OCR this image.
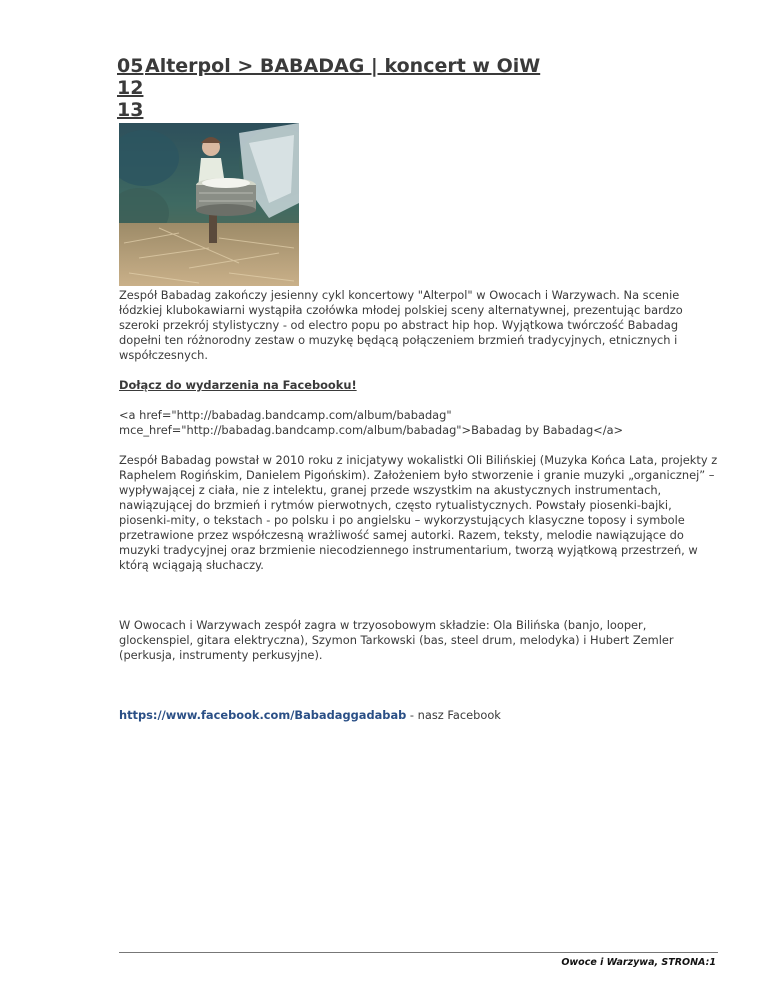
05
12
13
Alterpol > BABADAG | koncert w OiW

Zespół Babadag zakończy jesienny cykl koncertowy "Alterpol" w Owocach i Warzywach. Na scenie łódzkiej klubokawiarni wystąpiła czołówka młodej polskiej sceny alternatywnej, prezentując bardzo szeroki przekrój stylistyczny - od electro popu po abstract hip hop. Wyjątkowa twórczość Babadag dopełni ten różnorodny zestaw o muzykę będącą połączeniem brzmień tradycyjnych, etnicznych i współczesnych.

Dołącz do wydarzenia na Facebooku!

<a href="http://babadag.bandcamp.com/album/babadag"
mce_href="http://babadag.bandcamp.com/album/babadag">Babadag by Babadag</a>

Zespół Babadag powstał w 2010 roku z inicjatywy wokalistki Oli Bilińskiej (Muzyka Końca Lata, projekty z Raphelem Rogińskim, Danielem Pigońskim). Założeniem było stworzenie i granie muzyki „organicznej” – wypływającej z ciała, nie z intelektu, granej przede wszystkim na akustycznych instrumentach, nawiązującej do brzmień i rytmów pierwotnych, często rytualistycznych. Powstały piosenki-bajki, piosenki-mity, o tekstach - po polsku i po angielsku – wykorzystujących klasyczne toposy i symbole przetrawione przez współczesną wrażliwość samej autorki. Razem, teksty, melodie nawiązujące do muzyki tradycyjnej oraz brzmienie niecodziennego instrumentarium, tworzą wyjątkową przestrzeń, w którą wciągają słuchaczy.

W Owocach i Warzywach zespół zagra w trzyosobowym składzie: Ola Bilińska (banjo, looper, glockenspiel, gitara elektryczna), Szymon Tarkowski (bas, steel drum, melodyka) i Hubert Zemler (perkusja, instrumenty perkusyjne).

https://www.facebook.com/Babadaggadabab - nasz Facebook

Owoce i Warzywa, STRONA:1
